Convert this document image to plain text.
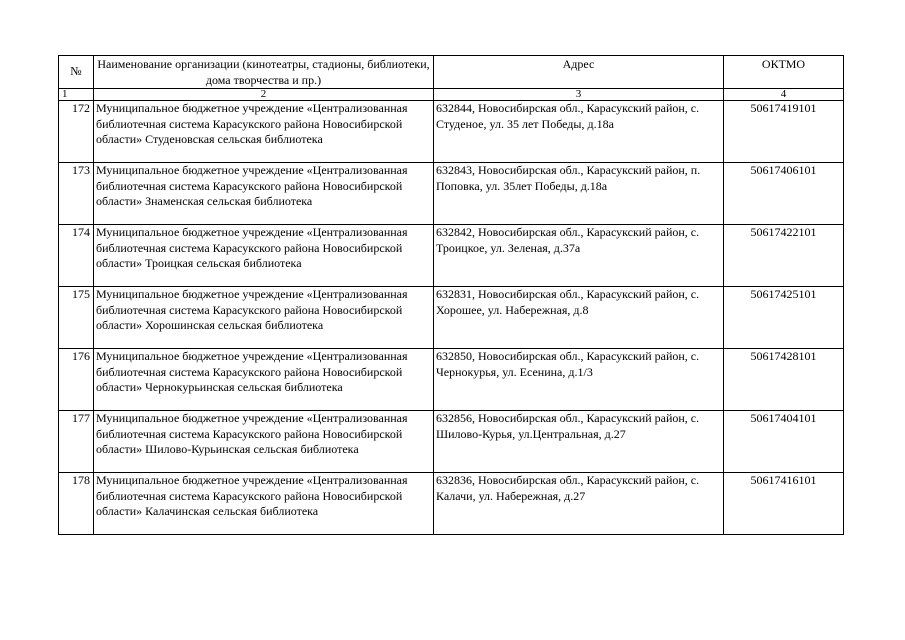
№	Наименование организации (кинотеатры, стадионы, библиотеки, дома творчества и пр.)	Адрес	ОКТМО
1	2	3	4
172	Муниципальное бюджетное учреждение «Централизованная библиотечная система Карасукского района Новосибирской области» Студеновская сельская библиотека	632844, Новосибирская обл., Карасукский район, с. Студеное, ул. 35 лет Победы, д.18а	50617419101
173	Муниципальное бюджетное учреждение «Централизованная библиотечная система Карасукского района Новосибирской области» Знаменская сельская библиотека	632843, Новосибирская обл., Карасукский район, п. Поповка, ул. 35лет Победы, д.18а	50617406101
174	Муниципальное бюджетное учреждение «Централизованная библиотечная система Карасукского района Новосибирской области» Троицкая сельская библиотека	632842, Новосибирская обл., Карасукский район, с. Троицкое, ул. Зеленая, д.37а	50617422101
175	Муниципальное бюджетное учреждение «Централизованная библиотечная система Карасукского района Новосибирской области» Хорошинская сельская библиотека	632831, Новосибирская обл., Карасукский район, с. Хорошее, ул. Набережная, д.8	50617425101
176	Муниципальное бюджетное учреждение «Централизованная библиотечная система Карасукского района Новосибирской области» Чернокурьинская сельская библиотека	632850, Новосибирская обл., Карасукский район, с. Чернокурья, ул. Есенина, д.1/3	50617428101
177	Муниципальное бюджетное учреждение «Централизованная библиотечная система Карасукского района Новосибирской области» Шилово-Курьинская сельская библиотека	632856, Новосибирская обл., Карасукский район, с. Шилово-Курья, ул.Центральная, д.27	50617404101
178	Муниципальное бюджетное учреждение «Централизованная библиотечная система Карасукского района Новосибирской области» Калачинская сельская библиотека	632836, Новосибирская обл., Карасукский район, с. Калачи, ул. Набережная, д.27	50617416101
